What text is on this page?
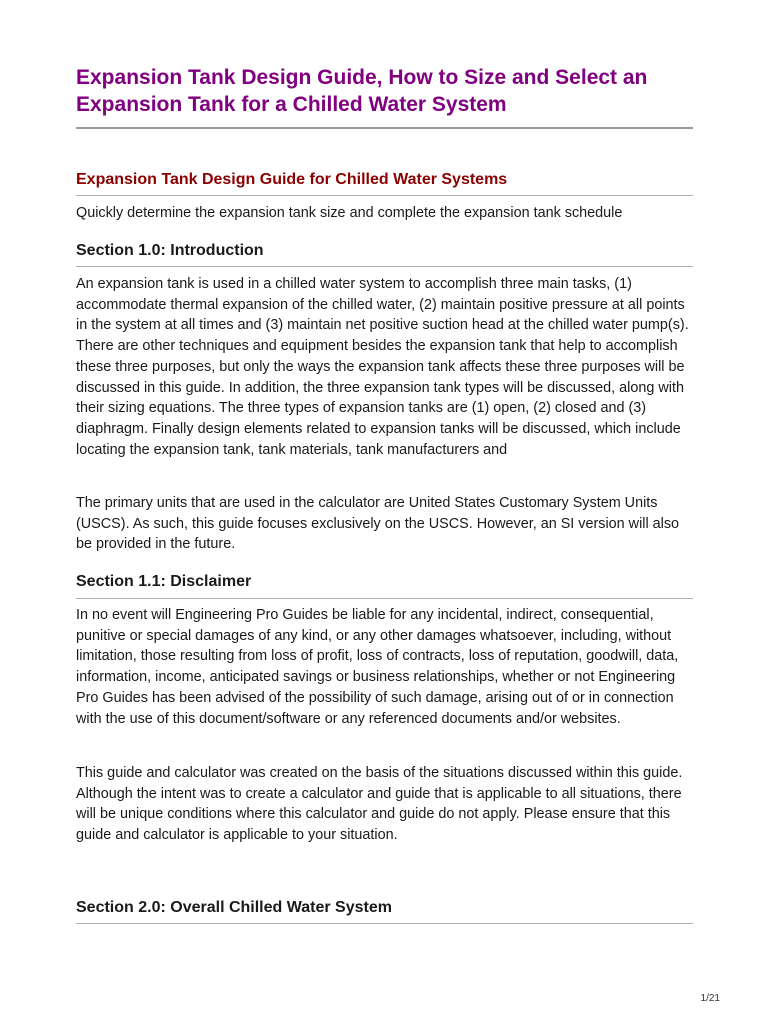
Expansion Tank Design Guide, How to Size and Select an Expansion Tank for a Chilled Water System
Expansion Tank Design Guide for Chilled Water Systems

Quickly determine the expansion tank size and complete the expansion tank schedule

Section 1.0: Introduction

An expansion tank is used in a chilled water system to accomplish three main tasks, (1) accommodate thermal expansion of the chilled water, (2) maintain positive pressure at all points in the system at all times and (3) maintain net positive suction head at the chilled water pump(s). There are other techniques and equipment besides the expansion tank that help to accomplish these three purposes, but only the ways the expansion tank affects these three purposes will be discussed in this guide. In addition, the three expansion tank types will be discussed, along with their sizing equations. The three types of expansion tanks are (1) open, (2) closed and (3) diaphragm. Finally design elements related to expansion tanks will be discussed, which include locating the expansion tank, tank materials, tank manufacturers and

The primary units that are used in the calculator are United States Customary System Units (USCS). As such, this guide focuses exclusively on the USCS. However, an SI version will also be provided in the future.

Section 1.1: Disclaimer

In no event will Engineering Pro Guides be liable for any incidental, indirect, consequential, punitive or special damages of any kind, or any other damages whatsoever, including, without limitation, those resulting from loss of profit, loss of contracts, loss of reputation, goodwill, data, information, income, anticipated savings or business relationships, whether or not Engineering Pro Guides has been advised of the possibility of such damage, arising out of or in connection with the use of this document/software or any referenced documents and/or websites.

This guide and calculator was created on the basis of the situations discussed within this guide. Although the intent was to create a calculator and guide that is applicable to all situations, there will be unique conditions where this calculator and guide do not apply. Please ensure that this guide and calculator is applicable to your situation.

Section 2.0: Overall Chilled Water System
1/21
